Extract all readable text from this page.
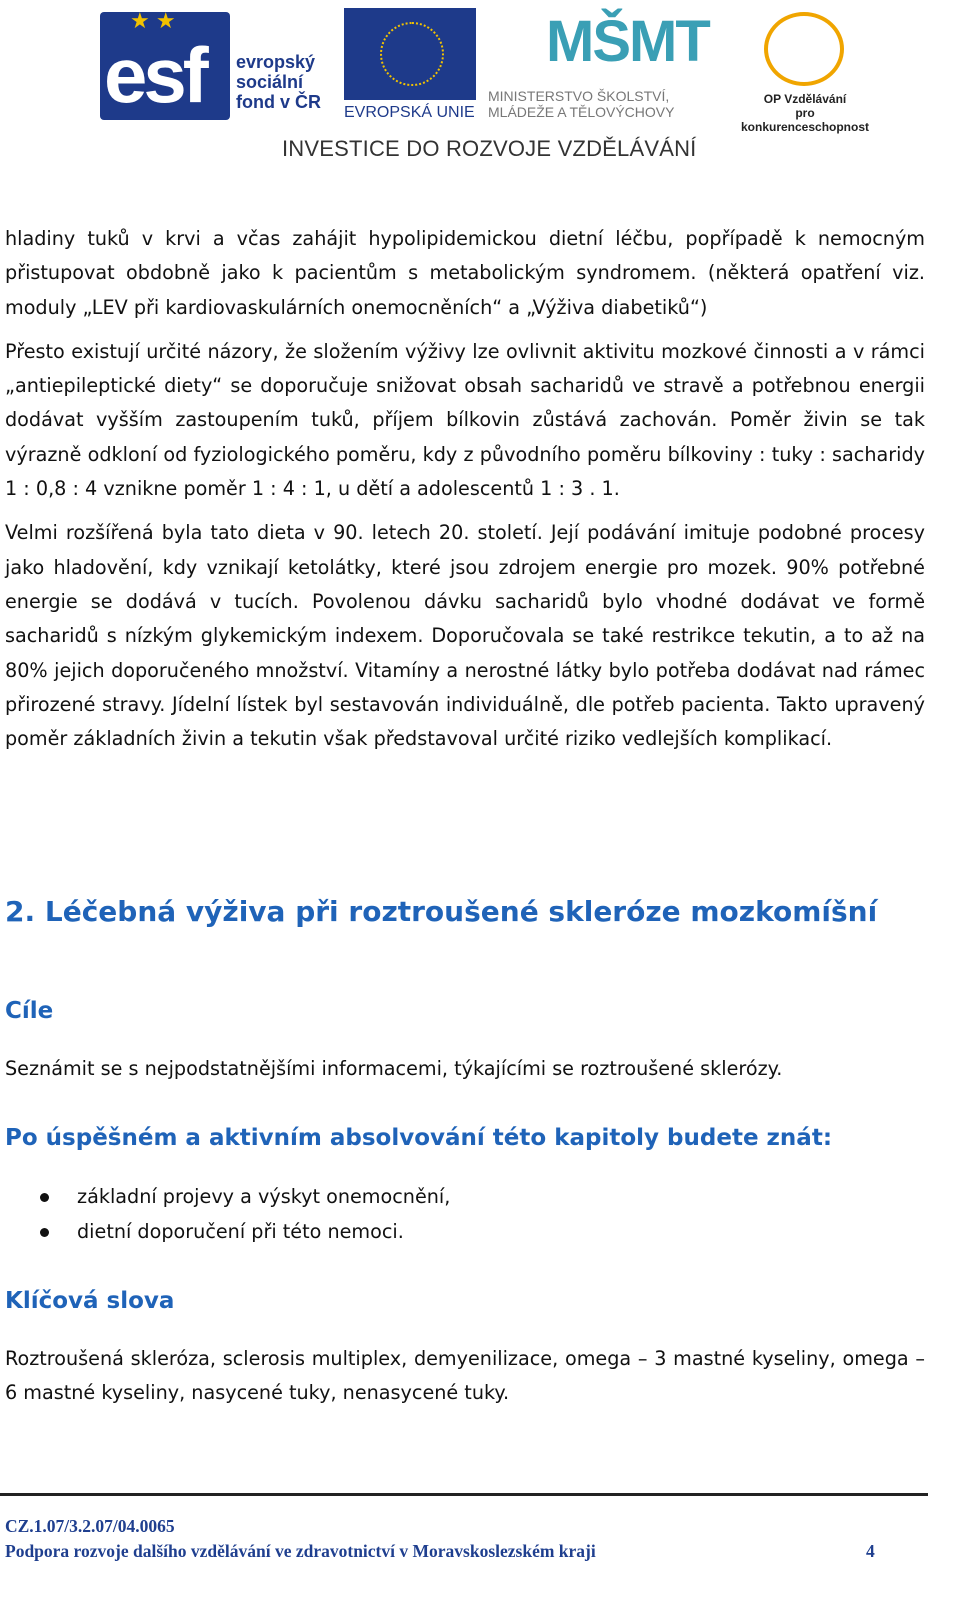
esf
★ ★
evropský
sociální
fond v ČR
EVROPSKÁ UNIE
MŠMT
MINISTERSTVO ŠKOLSTVÍ,
MLÁDEŽE A TĚLOVÝCHOVY
OP Vzdělávání
pro konkurenceschopnost
INVESTICE DO ROZVOJE VZDĚLÁVÁNÍ

hladiny tuků v krvi a včas zahájit hypolipidemickou dietní léčbu, popřípadě k nemocným přistupovat obdobně jako k pacientům s metabolickým syndromem. (některá opatření viz. moduly „LEV při kardiovaskulárních onemocněních“ a „Výživa diabetiků“)

Přesto existují určité názory, že složením výživy lze ovlivnit aktivitu mozkové činnosti a v rámci „antiepileptické diety“ se doporučuje snižovat obsah sacharidů ve stravě a potřebnou energii dodávat vyšším zastoupením tuků, příjem bílkovin zůstává zachován. Poměr živin se tak výrazně odkloní od fyziologického poměru, kdy z původního poměru bílkoviny : tuky : sacharidy 1 : 0,8 : 4 vznikne poměr 1 : 4 : 1, u dětí a adolescentů 1 : 3 . 1.

Velmi rozšířená byla tato dieta v 90. letech 20. století. Její podávání imituje podobné procesy jako hladovění, kdy vznikají ketolátky, které jsou zdrojem energie pro mozek. 90% potřebné energie se dodává v tucích. Povolenou dávku sacharidů bylo vhodné dodávat ve formě sacharidů s nízkým glykemickým indexem. Doporučovala se také restrikce tekutin, a to až na 80% jejich doporučeného množství. Vitamíny a nerostné látky bylo potřeba dodávat nad rámec přirozené stravy. Jídelní lístek byl sestavován individuálně, dle potřeb pacienta. Takto upravený poměr základních živin a tekutin však představoval určité riziko vedlejších komplikací.

2. Léčebná výživa při roztroušené skleróze mozkomíšní
Cíle

Seznámit se s nejpodstatnějšími informacemi, týkajícími se roztroušené sklerózy.

Po úspěšném a aktivním absolvování této kapitoly budete znát:
základní projevy a výskyt onemocnění,
dietní doporučení při této nemoci.
Klíčová slova

Roztroušená skleróza, sclerosis multiplex, demyenilizace, omega – 3 mastné kyseliny, omega – 6 mastné kyseliny, nasycené tuky, nenasycené tuky.

CZ.1.07/3.2.07/04.0065
Podpora rozvoje dalšího vzdělávání ve zdravotnictví v Moravskoslezském kraji	4
